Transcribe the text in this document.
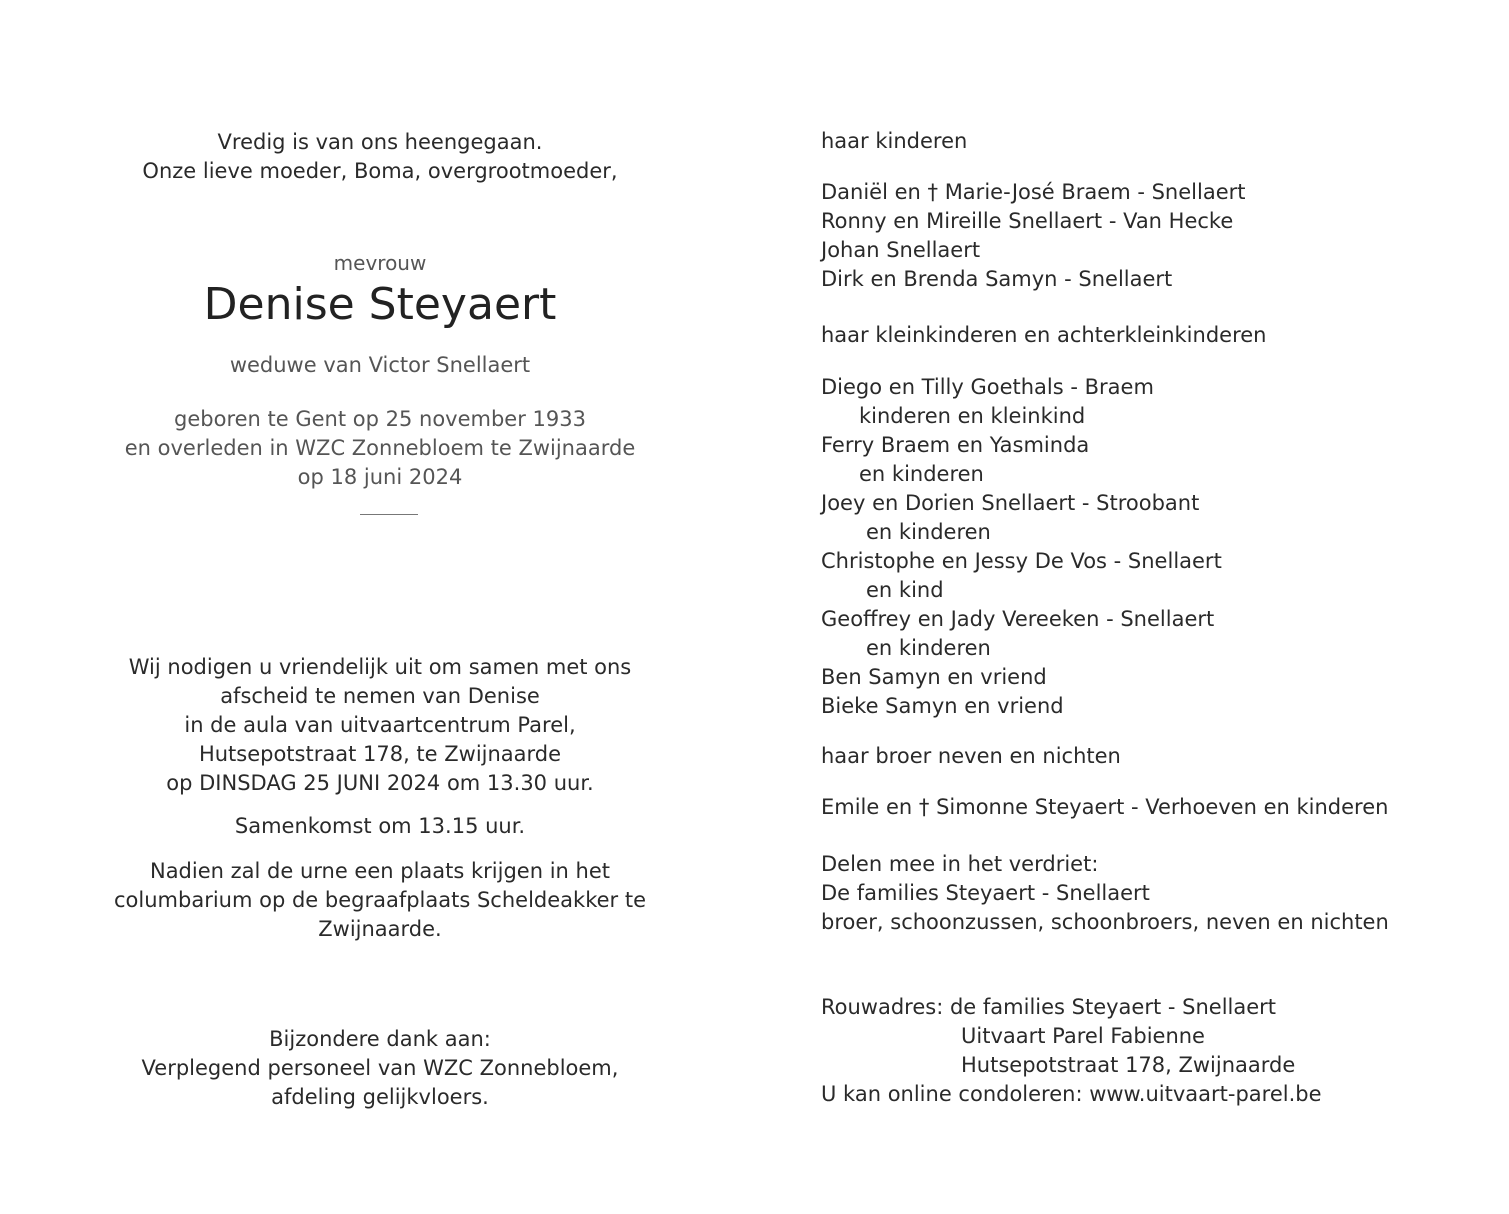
Vredig is van ons heengegaan.
Onze lieve moeder, Boma, overgrootmoeder,
mevrouw
Denise Steyaert
weduwe van Victor Snellaert
geboren te Gent op 25 november 1933
en overleden in WZC Zonnebloem te Zwijnaarde
op 18 juni 2024
Wij nodigen u vriendelijk uit om samen met ons
afscheid te nemen van Denise
in de aula van uitvaartcentrum Parel,
Hutsepotstraat 178, te Zwijnaarde
op DINSDAG 25 JUNI 2024 om 13.30 uur.
Samenkomst om 13.15 uur.
Nadien zal de urne een plaats krijgen in het
columbarium op de begraafplaats Scheldeakker te
Zwijnaarde.
Bijzondere dank aan:
Verplegend personeel van WZC Zonnebloem,
afdeling gelijkvloers.
haar kinderen
Daniël en † Marie-José Braem - Snellaert
Ronny en Mireille Snellaert - Van Hecke
Johan Snellaert
Dirk en Brenda Samyn - Snellaert
haar kleinkinderen en achterkleinkinderen
Diego en Tilly Goethals - Braem
kinderen en kleinkind
Ferry Braem en Yasminda
en kinderen
Joey en Dorien Snellaert - Stroobant
en kinderen
Christophe en Jessy De Vos - Snellaert
en kind
Geoffrey en Jady Vereeken - Snellaert
en kinderen
Ben Samyn en vriend
Bieke Samyn en vriend
haar broer neven en nichten
Emile en † Simonne Steyaert - Verhoeven en kinderen
Delen mee in het verdriet:
De families Steyaert - Snellaert
broer, schoonzussen, schoonbroers, neven en nichten
Rouwadres: de families Steyaert - Snellaert
Uitvaart Parel Fabienne
Hutsepotstraat 178, Zwijnaarde
U kan online condoleren: www.uitvaart-parel.be
